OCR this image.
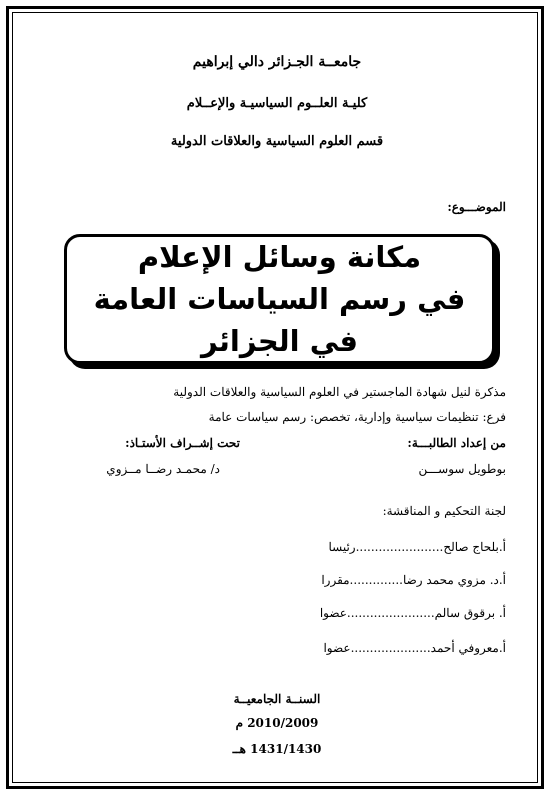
جامعــة الجـزائر دالي إبراهيم
كليـة العلــوم السياسيـة والإعــلام
قسم العلوم السياسية والعلاقات الدولية
الموضـــوع:
مكانة وسائل الإعلام
في رسم السياسات العامة
في الجزائر
مذكرة لنيل شهادة الماجستير في العلوم السياسية والعلاقات الدولية
فرع: تنظيمات سياسية وإدارية، تخصص: رسم سياسات عامة
من إعداد الطالبـــة:
تحت إشــراف الأستـاذ:
بوطويل سوســـن
د/ محمـد رضــا مــزوي
لجنة التحكيم و المناقشة:
أ.بلحاج صالح.......................رئيسا
أ.د. مزوي محمد رضا..............مقررا
أ. برقوق سالم.......................عضوا
أ.معروفي أحمد.....................عضوا
السنــة الجامعيــة
2010/2009 م
1431/1430 هــ
